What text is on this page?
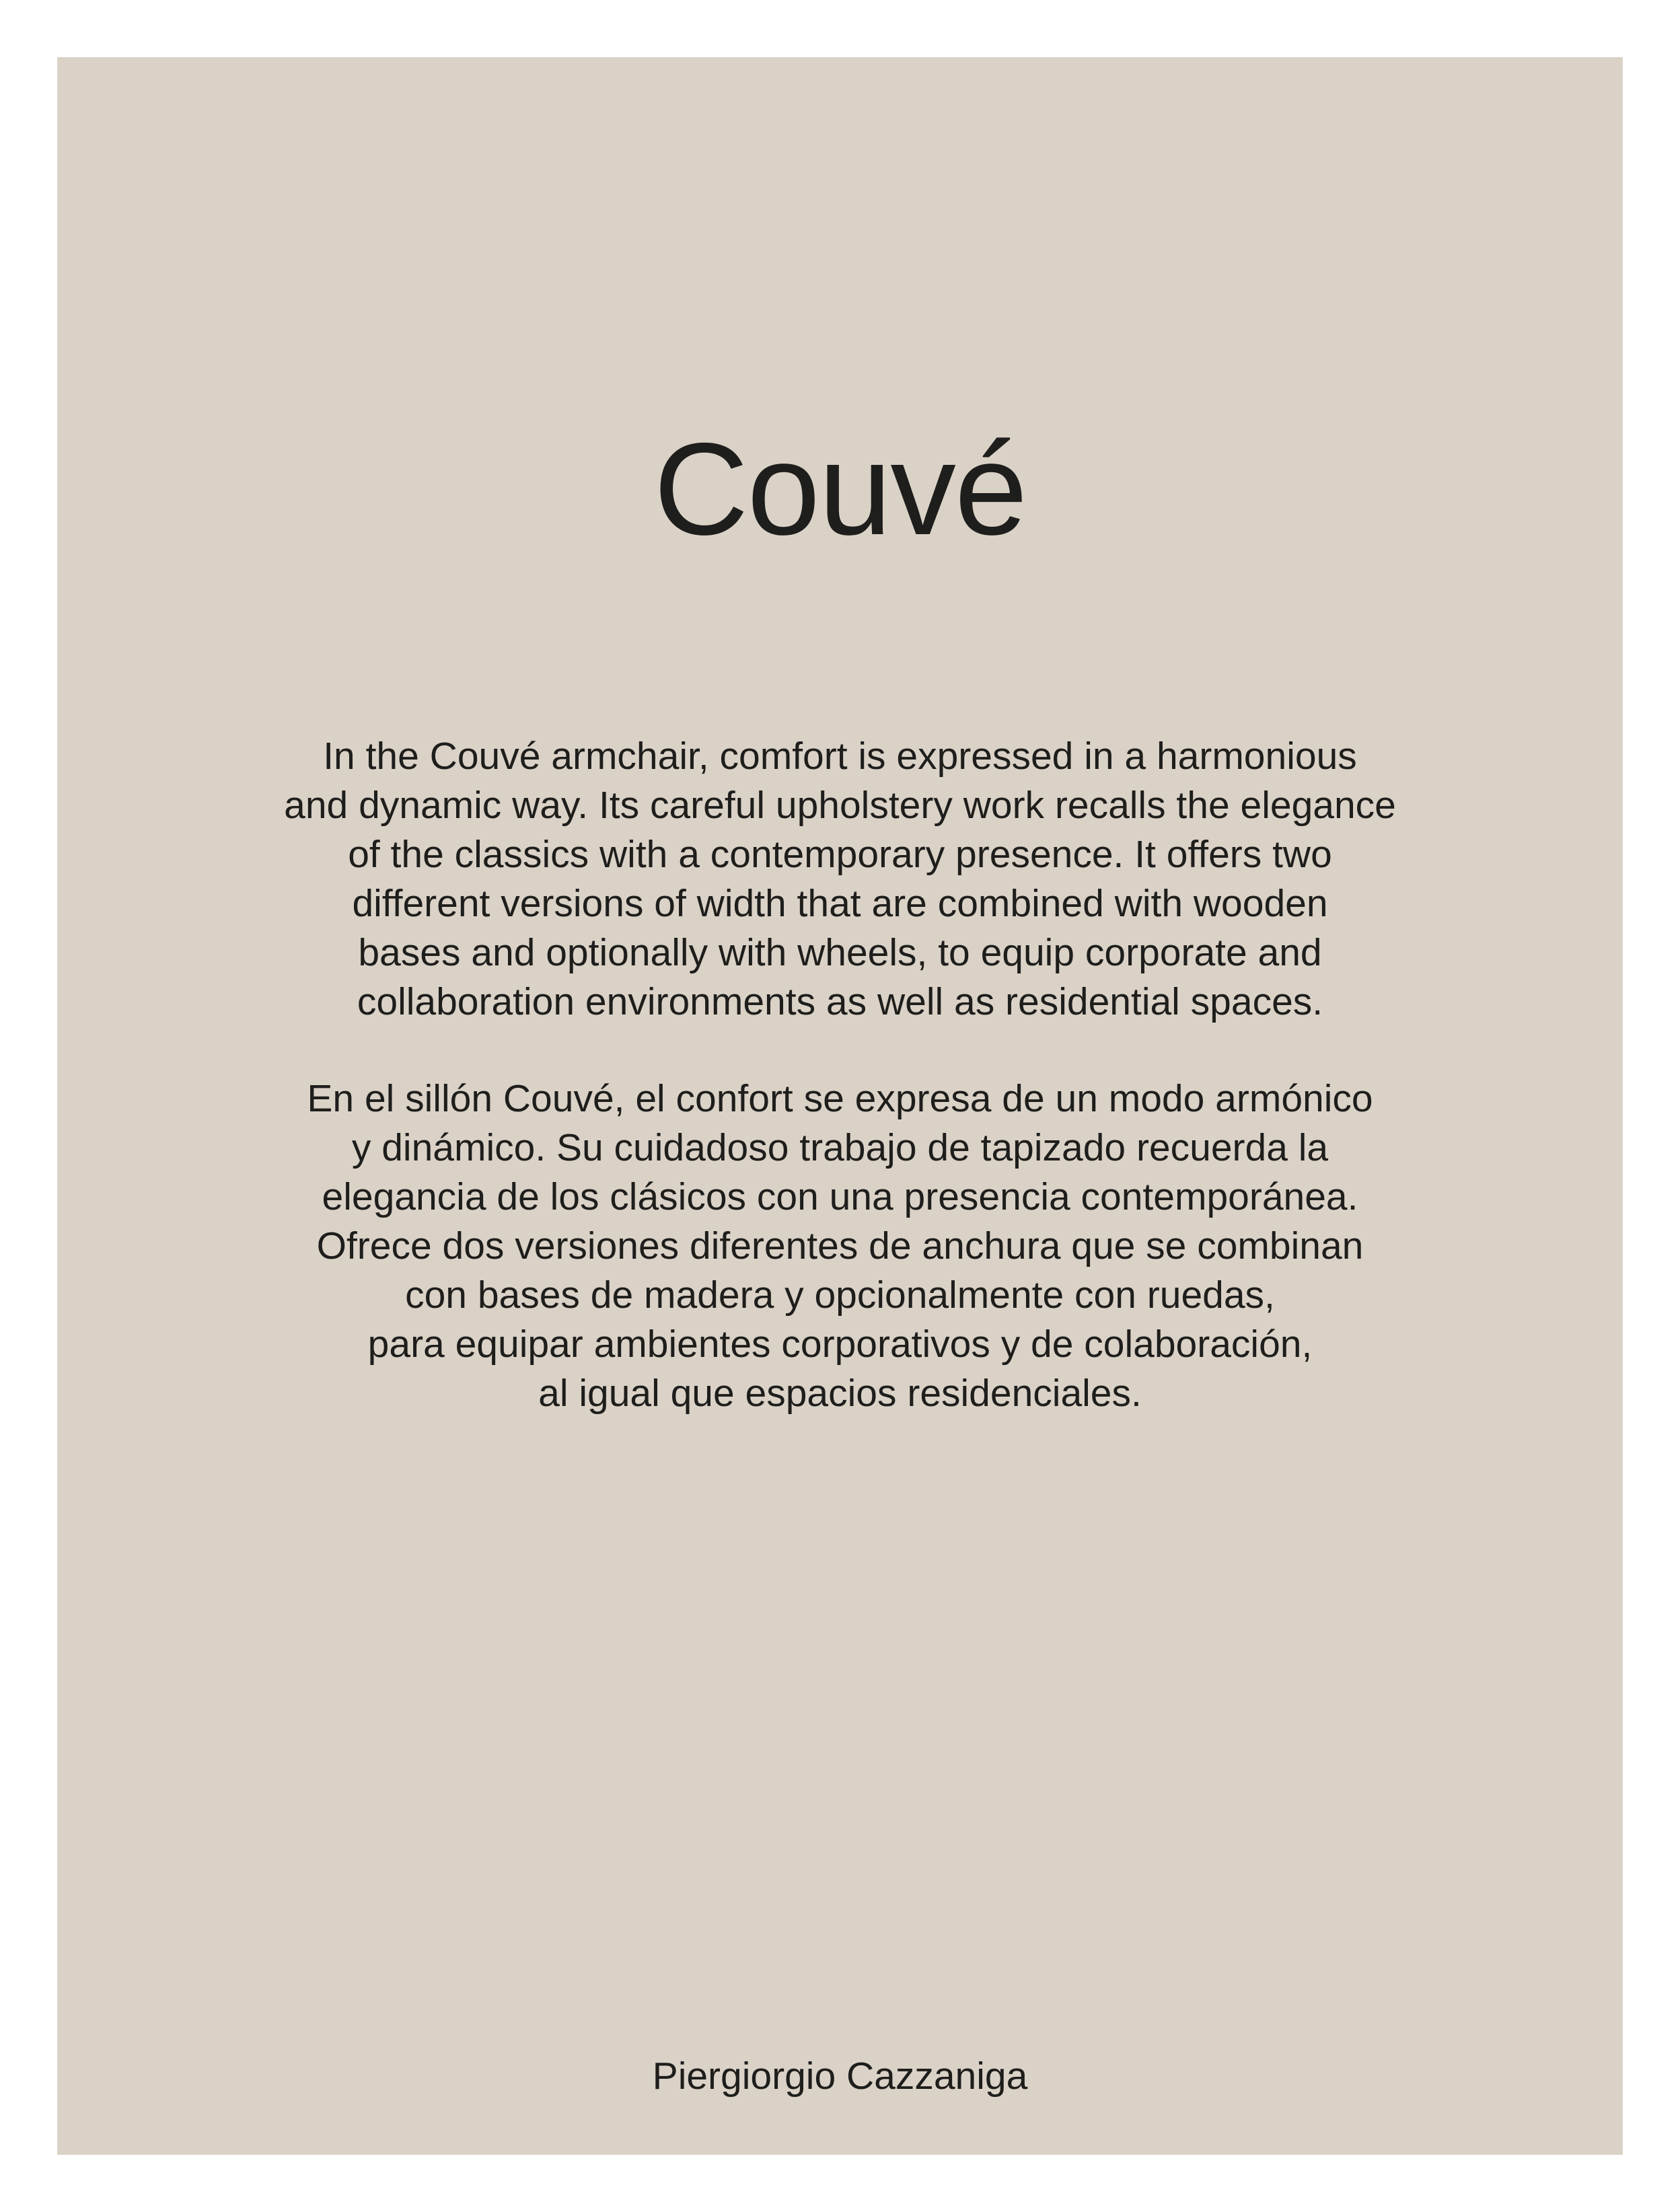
Couvé

In the Couvé armchair, comfort is expressed in a harmonious
and dynamic way. Its careful upholstery work recalls the elegance
of the classics with a contemporary presence. It offers two
different versions of width that are combined with wooden
bases and optionally with wheels, to equip corporate and
collaboration environments as well as residential spaces.

En el sillón Couvé, el confort se expresa de un modo armónico
y dinámico. Su cuidadoso trabajo de tapizado recuerda la
elegancia de los clásicos con una presencia contemporánea.
Ofrece dos versiones diferentes de anchura que se combinan
con bases de madera y opcionalmente con ruedas,
para equipar ambientes corporativos y de colaboración,
al igual que espacios residenciales.

Piergiorgio Cazzaniga
